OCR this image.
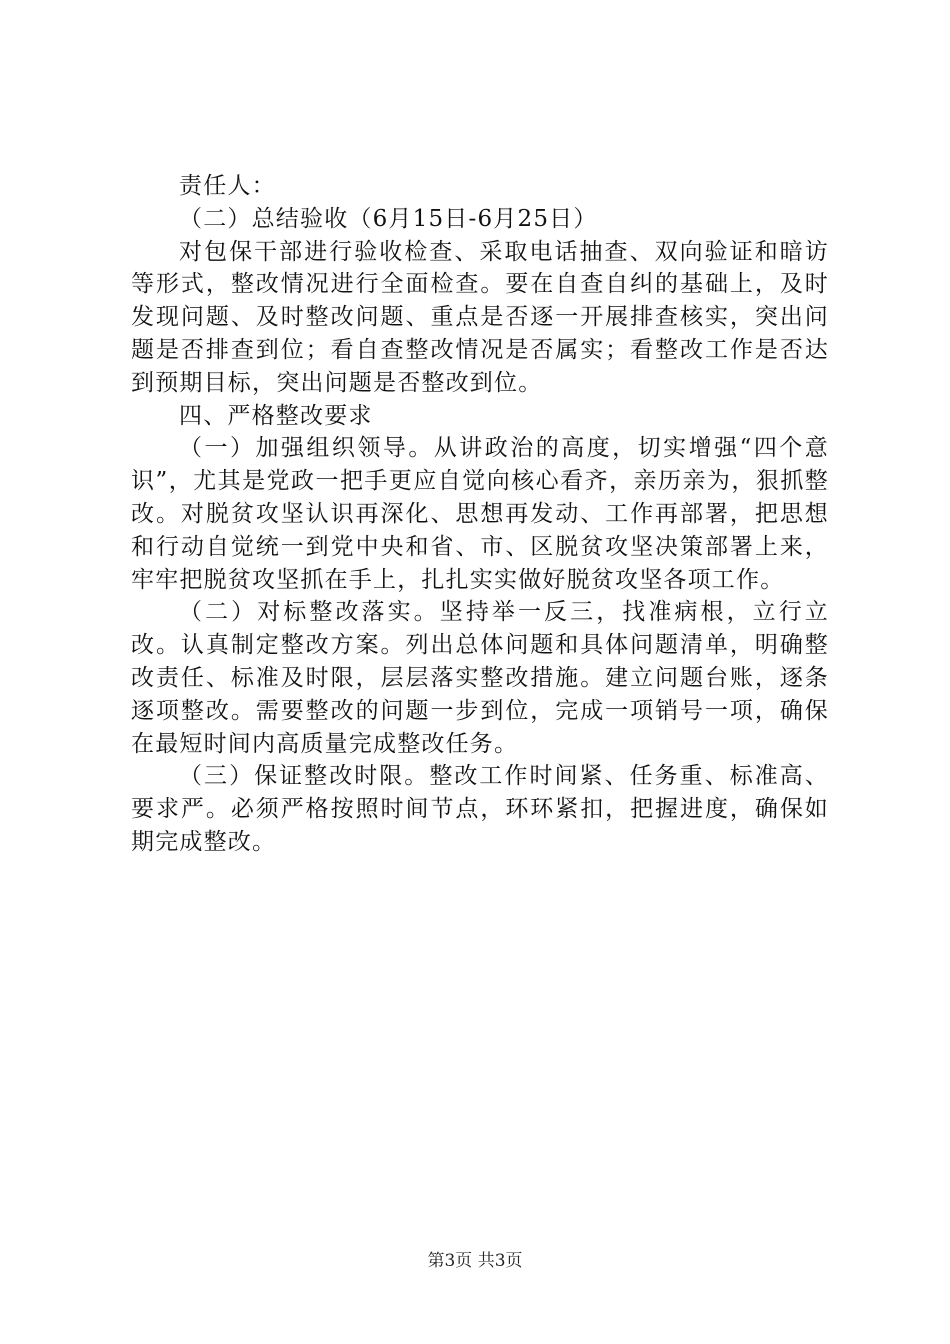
责任人：

（二）总结验收（6月15日-6月25日）

对包保干部进行验收检查、采取电话抽查、双向验证和暗访等形式，整改情况进行全面检查。要在自查自纠的基础上，及时发现问题、及时整改问题、重点是否逐一开展排查核实，突出问题是否排查到位；看自查整改情况是否属实；看整改工作是否达到预期目标，突出问题是否整改到位。

四、严格整改要求

（一）加强组织领导。从讲政治的高度，切实增强“四个意识”，尤其是党政一把手更应自觉向核心看齐，亲历亲为，狠抓整改。对脱贫攻坚认识再深化、思想再发动、工作再部署，把思想和行动自觉统一到党中央和省、市、区脱贫攻坚决策部署上来，牢牢把脱贫攻坚抓在手上，扎扎实实做好脱贫攻坚各项工作。

（二）对标整改落实。坚持举一反三，找准病根，立行立改。认真制定整改方案。列出总体问题和具体问题清单，明确整改责任、标准及时限，层层落实整改措施。建立问题台账，逐条逐项整改。需要整改的问题一步到位，完成一项销号一项，确保在最短时间内高质量完成整改任务。

（三）保证整改时限。整改工作时间紧、任务重、标准高、要求严。必须严格按照时间节点，环环紧扣，把握进度，确保如期完成整改。

第3页 共3页
